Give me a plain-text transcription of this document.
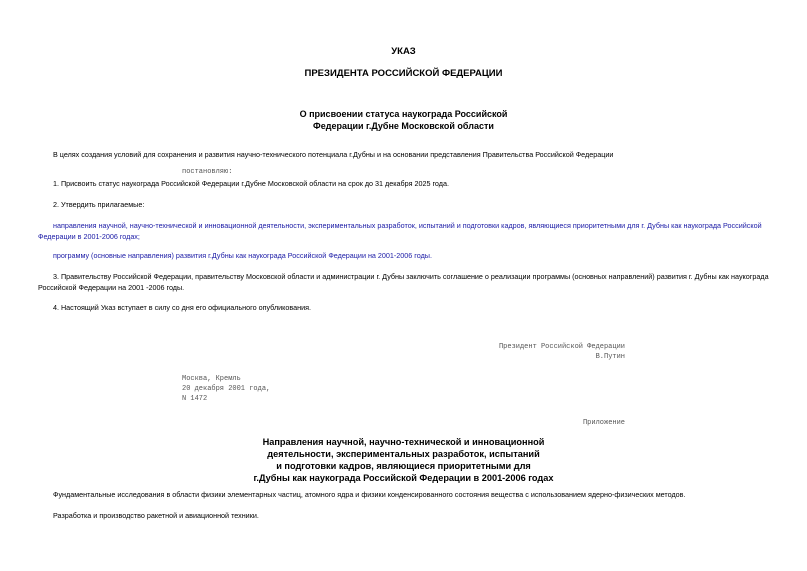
УКАЗ
ПРЕЗИДЕНТА РОССИЙСКОЙ ФЕДЕРАЦИИ
О присвоении статуса наукограда Российской
Федерации г.Дубне Московской области
В целях создания условий для сохранения и развития научно-технического потенциала г.Дубны и на основании представления Правительства Российской Федерации
постановляю:
1. Присвоить статус наукограда Российской Федерации г.Дубне Московской области на срок до 31 декабря 2025 года.
2. Утвердить прилагаемые:
направления научной, научно-технической и инновационной деятельности, экспериментальных разработок, испытаний и подготовки кадров, являющиеся приоритетными для г. Дубны как наукограда Российской Федерации в 2001-2006 годах;
программу (основные направления) развития г.Дубны как наукограда Российской Федерации на 2001-2006 годы.
3. Правительству Российской Федерации, правительству Московской области и администрации г. Дубны заключить соглашение о реализации программы (основных направлений) развития г. Дубны как наукограда Российской Федерации на 2001 -2006 годы.
4. Настоящий Указ вступает в силу со дня его официального опубликования.
Президент Российской Федерации
В.Путин
Москва, Кремль
20 декабря 2001 года,
N 1472
Приложение
Направления научной, научно-технической и инновационной
деятельности, экспериментальных разработок, испытаний
и подготовки кадров, являющиеся приоритетными для
г.Дубны как наукограда Российской Федерации в 2001-2006 годах
Фундаментальные исследования в области физики элементарных частиц, атомного ядра и физики конденсированного состояния вещества с использованием ядерно-физических методов.
Разработка и производство ракетной и авиационной техники.
